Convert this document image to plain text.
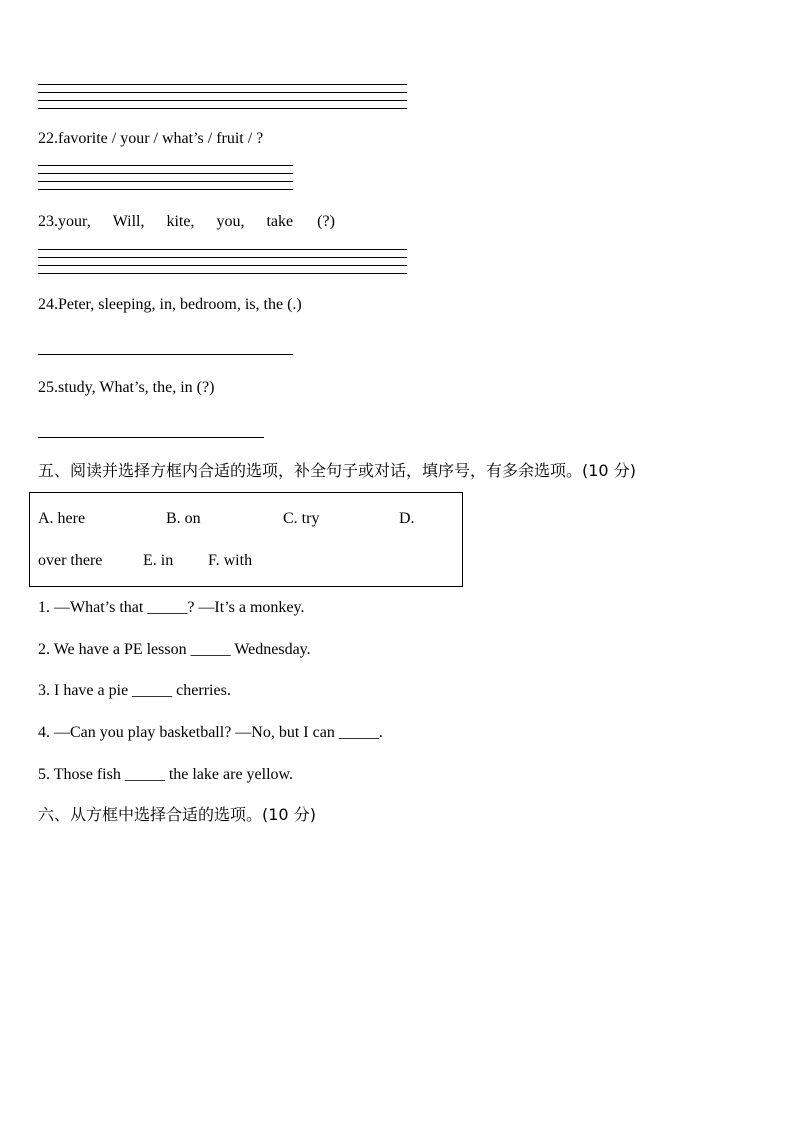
22.favorite / your / what’s / fruit / ?
23.your, Will, kite, you, take (?)
24.Peter, sleeping, in, bedroom, is, the (.)
25.study, What’s, the, in (?)
五、阅读并选择方框内合适的选项，补全句子或对话，填序号，有多余选项。(10 分)
A. here	B. on	C. try	D.
over there	E. in F. with
1. —What’s that _____? —It’s a monkey.
2. We have a PE lesson _____ Wednesday.
3. I have a pie _____ cherries.
4. —Can you play basketball? —No, but I can _____.
5. Those fish _____ the lake are yellow.
六、从方框中选择合适的选项。(10 分)
